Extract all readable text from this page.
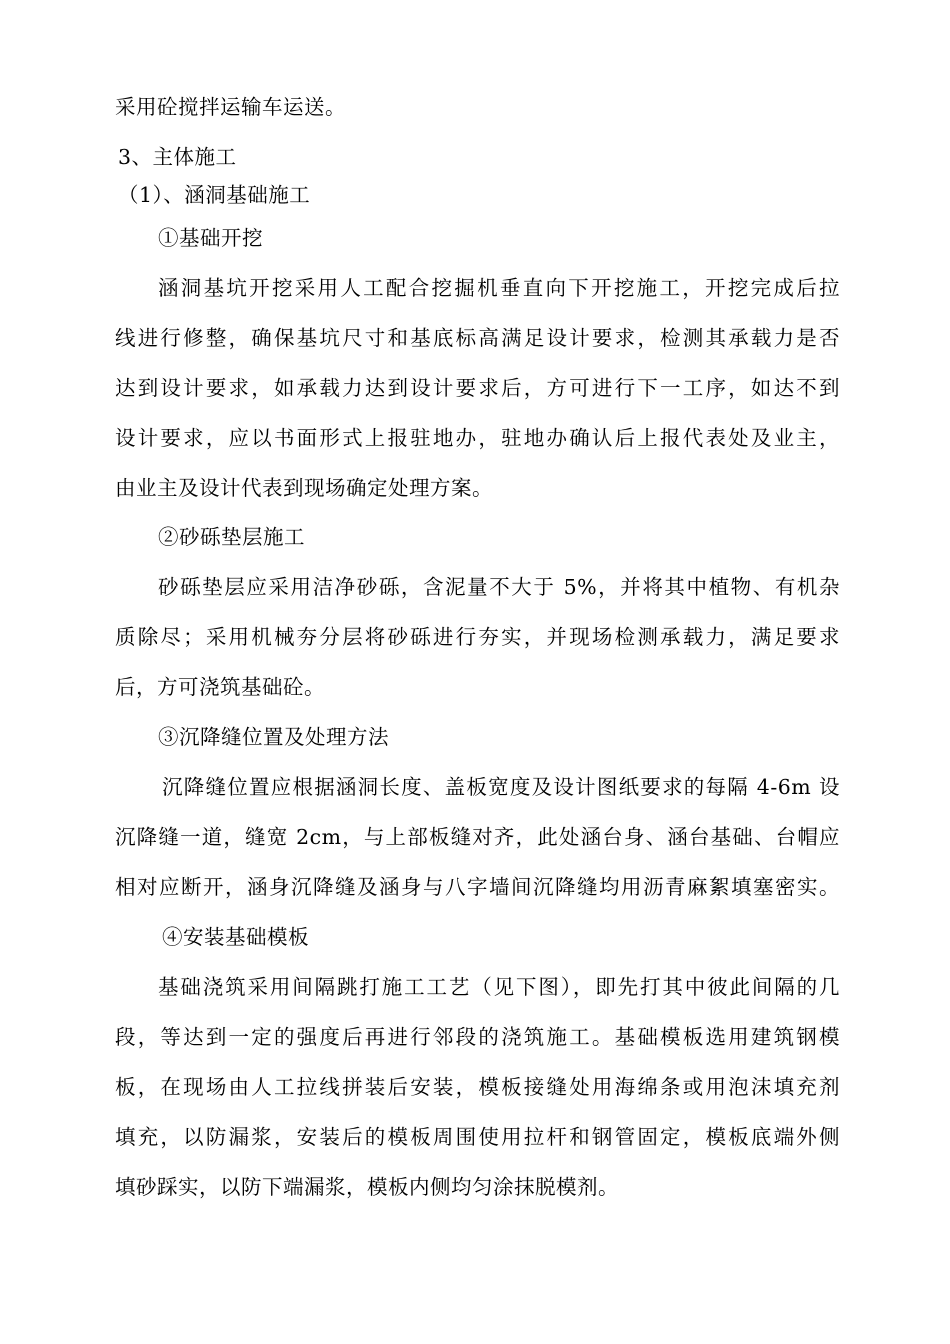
采用砼搅拌运输车运送。
3、主体施工
（1）、涵洞基础施工
①基础开挖
涵洞基坑开挖采用人工配合挖掘机垂直向下开挖施工，开挖完成后拉
线进行修整，确保基坑尺寸和基底标高满足设计要求，检测其承载力是否
达到设计要求，如承载力达到设计要求后，方可进行下一工序，如达不到
设计要求，应以书面形式上报驻地办，驻地办确认后上报代表处及业主，
由业主及设计代表到现场确定处理方案。
②砂砾垫层施工
砂砾垫层应采用洁净砂砾，含泥量不大于 5%，并将其中植物、有机杂
质除尽；采用机械夯分层将砂砾进行夯实，并现场检测承载力，满足要求
后，方可浇筑基础砼。
③沉降缝位置及处理方法
沉降缝位置应根据涵洞长度、盖板宽度及设计图纸要求的每隔 4-6m 设
沉降缝一道，缝宽 2cm，与上部板缝对齐，此处涵台身、涵台基础、台帽应
相对应断开，涵身沉降缝及涵身与八字墙间沉降缝均用沥青麻絮填塞密实。
④安装基础模板
基础浇筑采用间隔跳打施工工艺（见下图），即先打其中彼此间隔的几
段，等达到一定的强度后再进行邻段的浇筑施工。基础模板选用建筑钢模
板，在现场由人工拉线拼装后安装，模板接缝处用海绵条或用泡沫填充剂
填充，以防漏浆，安装后的模板周围使用拉杆和钢管固定，模板底端外侧
填砂踩实，以防下端漏浆，模板内侧均匀涂抹脱模剂。
